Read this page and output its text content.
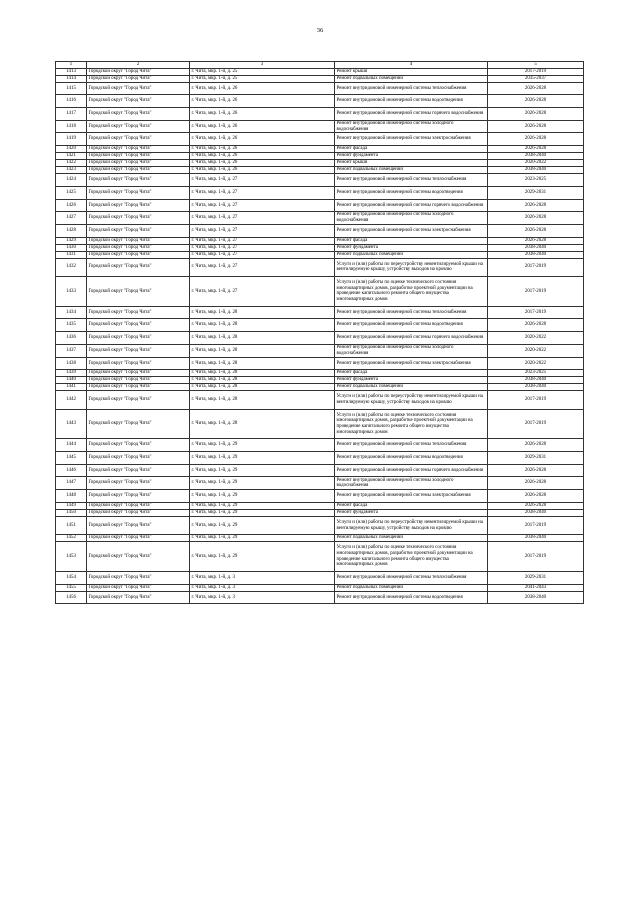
36
1	2	3	4	5
1413	Городской округ "Город Чита"	г. Чита, мкр. 1-й, д. 25	Ремонт крыши	2017-2019
1414	Городской округ "Город Чита"	г. Чита, мкр. 1-й, д. 25	Ремонт подвальных помещений	2035-2037
1415	Городской округ "Город Чита"	г. Чита, мкр. 1-й, д. 26	Ремонт внутридомовой инженерной системы теплоснабжения	2026-2028
1416	Городской округ "Город Чита"	г. Чита, мкр. 1-й, д. 26	Ремонт внутридомовой инженерной системы водоотведения	2026-2028
1417	Городской округ "Город Чита"	г. Чита, мкр. 1-й, д. 26	Ремонт внутридомовой инженерной системы горячего водоснабжения	2026-2028
1418	Городской округ "Город Чита"	г. Чита, мкр. 1-й, д. 26	Ремонт внутридомовой инженерной системы холодного водоснабжения	2026-2028
1419	Городской округ "Город Чита"	г. Чита, мкр. 1-й, д. 26	Ремонт внутридомовой инженерной системы электроснабжения	2026-2028
1420	Городской округ "Город Чита"	г. Чита, мкр. 1-й, д. 26	Ремонт фасада	2026-2028
1421	Городской округ "Город Чита"	г. Чита, мкр. 1-й, д. 26	Ремонт фундамента	2038-2040
1422	Городской округ "Город Чита"	г. Чита, мкр. 1-й, д. 26	Ремонт крыши	2020-2022
1423	Городской округ "Город Чита"	г. Чита, мкр. 1-й, д. 26	Ремонт подвальных помещений	2038-2040
1424	Городской округ "Город Чита"	г. Чита, мкр. 1-й, д. 27	Ремонт внутридомовой инженерной системы теплоснабжения	2023-2025
1425	Городской округ "Город Чита"	г. Чита, мкр. 1-й, д. 27	Ремонт внутридомовой инженерной системы водоотведения	2029-2031
1426	Городской округ "Город Чита"	г. Чита, мкр. 1-й, д. 27	Ремонт внутридомовой инженерной системы горячего водоснабжения	2026-2028
1427	Городской округ "Город Чита"	г. Чита, мкр. 1-й, д. 27	Ремонт внутридомовой инженерной системы холодного водоснабжения	2026-2028
1428	Городской округ "Город Чита"	г. Чита, мкр. 1-й, д. 27	Ремонт внутридомовой инженерной системы электроснабжения	2026-2028
1429	Городской округ "Город Чита"	г. Чита, мкр. 1-й, д. 27	Ремонт фасада	2026-2028
1430	Городской округ "Город Чита"	г. Чита, мкр. 1-й, д. 27	Ремонт фундамента	2038-2040
1431	Городской округ "Город Чита"	г. Чита, мкр. 1-й, д. 27	Ремонт подвальных помещений	2038-2040
1432	Городской округ "Город Чита"	г. Чита, мкр. 1-й, д. 27	Услуги и (или) работы по переустройству невентилируемой крыши на вентилируемую крышу, устройству выходов на кровлю	2017-2019
1433	Городской округ "Город Чита"	г. Чита, мкр. 1-й, д. 27	Услуги и (или) работы по оценке технического состояния многоквартирных домов, разработке проектной документации на проведение капитального ремонта общего имущества многоквартирных домов	2017-2019
1434	Городской округ "Город Чита"	г. Чита, мкр. 1-й, д. 28	Ремонт внутридомовой инженерной системы теплоснабжения	2017-2019
1435	Городской округ "Город Чита"	г. Чита, мкр. 1-й, д. 28	Ремонт внутридомовой инженерной системы водоотведения	2026-2028
1436	Городской округ "Город Чита"	г. Чита, мкр. 1-й, д. 28	Ремонт внутридомовой инженерной системы горячего водоснабжения	2020-2022
1437	Городской округ "Город Чита"	г. Чита, мкр. 1-й, д. 28	Ремонт внутридомовой инженерной системы холодного водоснабжения	2020-2022
1438	Городской округ "Город Чита"	г. Чита, мкр. 1-й, д. 28	Ремонт внутридомовой инженерной системы электроснабжения	2020-2022
1439	Городской округ "Город Чита"	г. Чита, мкр. 1-й, д. 28	Ремонт фасада	2023-2025
1440	Городской округ "Город Чита"	г. Чита, мкр. 1-й, д. 28	Ремонт фундамента	2038-2040
1441	Городской округ "Город Чита"	г. Чита, мкр. 1-й, д. 28	Ремонт подвальных помещений	2038-2040
1442	Городской округ "Город Чита"	г. Чита, мкр. 1-й, д. 28	Услуги и (или) работы по переустройству невентилируемой крыши на вентилируемую крышу, устройству выходов на кровлю	2017-2019
1443	Городской округ "Город Чита"	г. Чита, мкр. 1-й, д. 28	Услуги и (или) работы по оценке технического состояния многоквартирных домов, разработке проектной документации на проведение капитального ремонта общего имущества многоквартирных домов	2017-2019
1444	Городской округ "Город Чита"	г. Чита, мкр. 1-й, д. 29	Ремонт внутридомовой инженерной системы теплоснабжения	2026-2028
1445	Городской округ "Город Чита"	г. Чита, мкр. 1-й, д. 29	Ремонт внутридомовой инженерной системы водоотведения	2029-2031
1446	Городской округ "Город Чита"	г. Чита, мкр. 1-й, д. 29	Ремонт внутридомовой инженерной системы горячего водоснабжения	2026-2028
1447	Городской округ "Город Чита"	г. Чита, мкр. 1-й, д. 29	Ремонт внутридомовой инженерной системы холодного водоснабжения	2026-2028
1448	Городской округ "Город Чита"	г. Чита, мкр. 1-й, д. 29	Ремонт внутридомовой инженерной системы электроснабжения	2026-2028
1449	Городской округ "Город Чита"	г. Чита, мкр. 1-й, д. 29	Ремонт фасада	2026-2028
1450	Городской округ "Город Чита"	г. Чита, мкр. 1-й, д. 29	Ремонт фундамента	2038-2040
1451	Городской округ "Город Чита"	г. Чита, мкр. 1-й, д. 29	Услуги и (или) работы по переустройству невентилируемой крыши на вентилируемую крышу, устройству выходов на кровлю	2017-2019
1452	Городской округ "Город Чита"	г. Чита, мкр. 1-й, д. 29	Ремонт подвальных помещений	2038-2040
1453	Городской округ "Город Чита"	г. Чита, мкр. 1-й, д. 29	Услуги и (или) работы по оценке технического состояния многоквартирных домов, разработке проектной документации на проведение капитального ремонта общего имущества многоквартирных домов	2017-2019
1454	Городской округ "Город Чита"	г. Чита, мкр. 1-й, д. 3	Ремонт внутридомовой инженерной системы теплоснабжения	2029-2031
1455	Городской округ "Город Чита"	г. Чита, мкр. 1-й, д. 3	Ремонт подвальных помещений	2041-2043
1456	Городской округ "Город Чита"	г. Чита, мкр. 1-й, д. 3	Ремонт внутридомовой инженерной системы водоотведения	2038-2040
